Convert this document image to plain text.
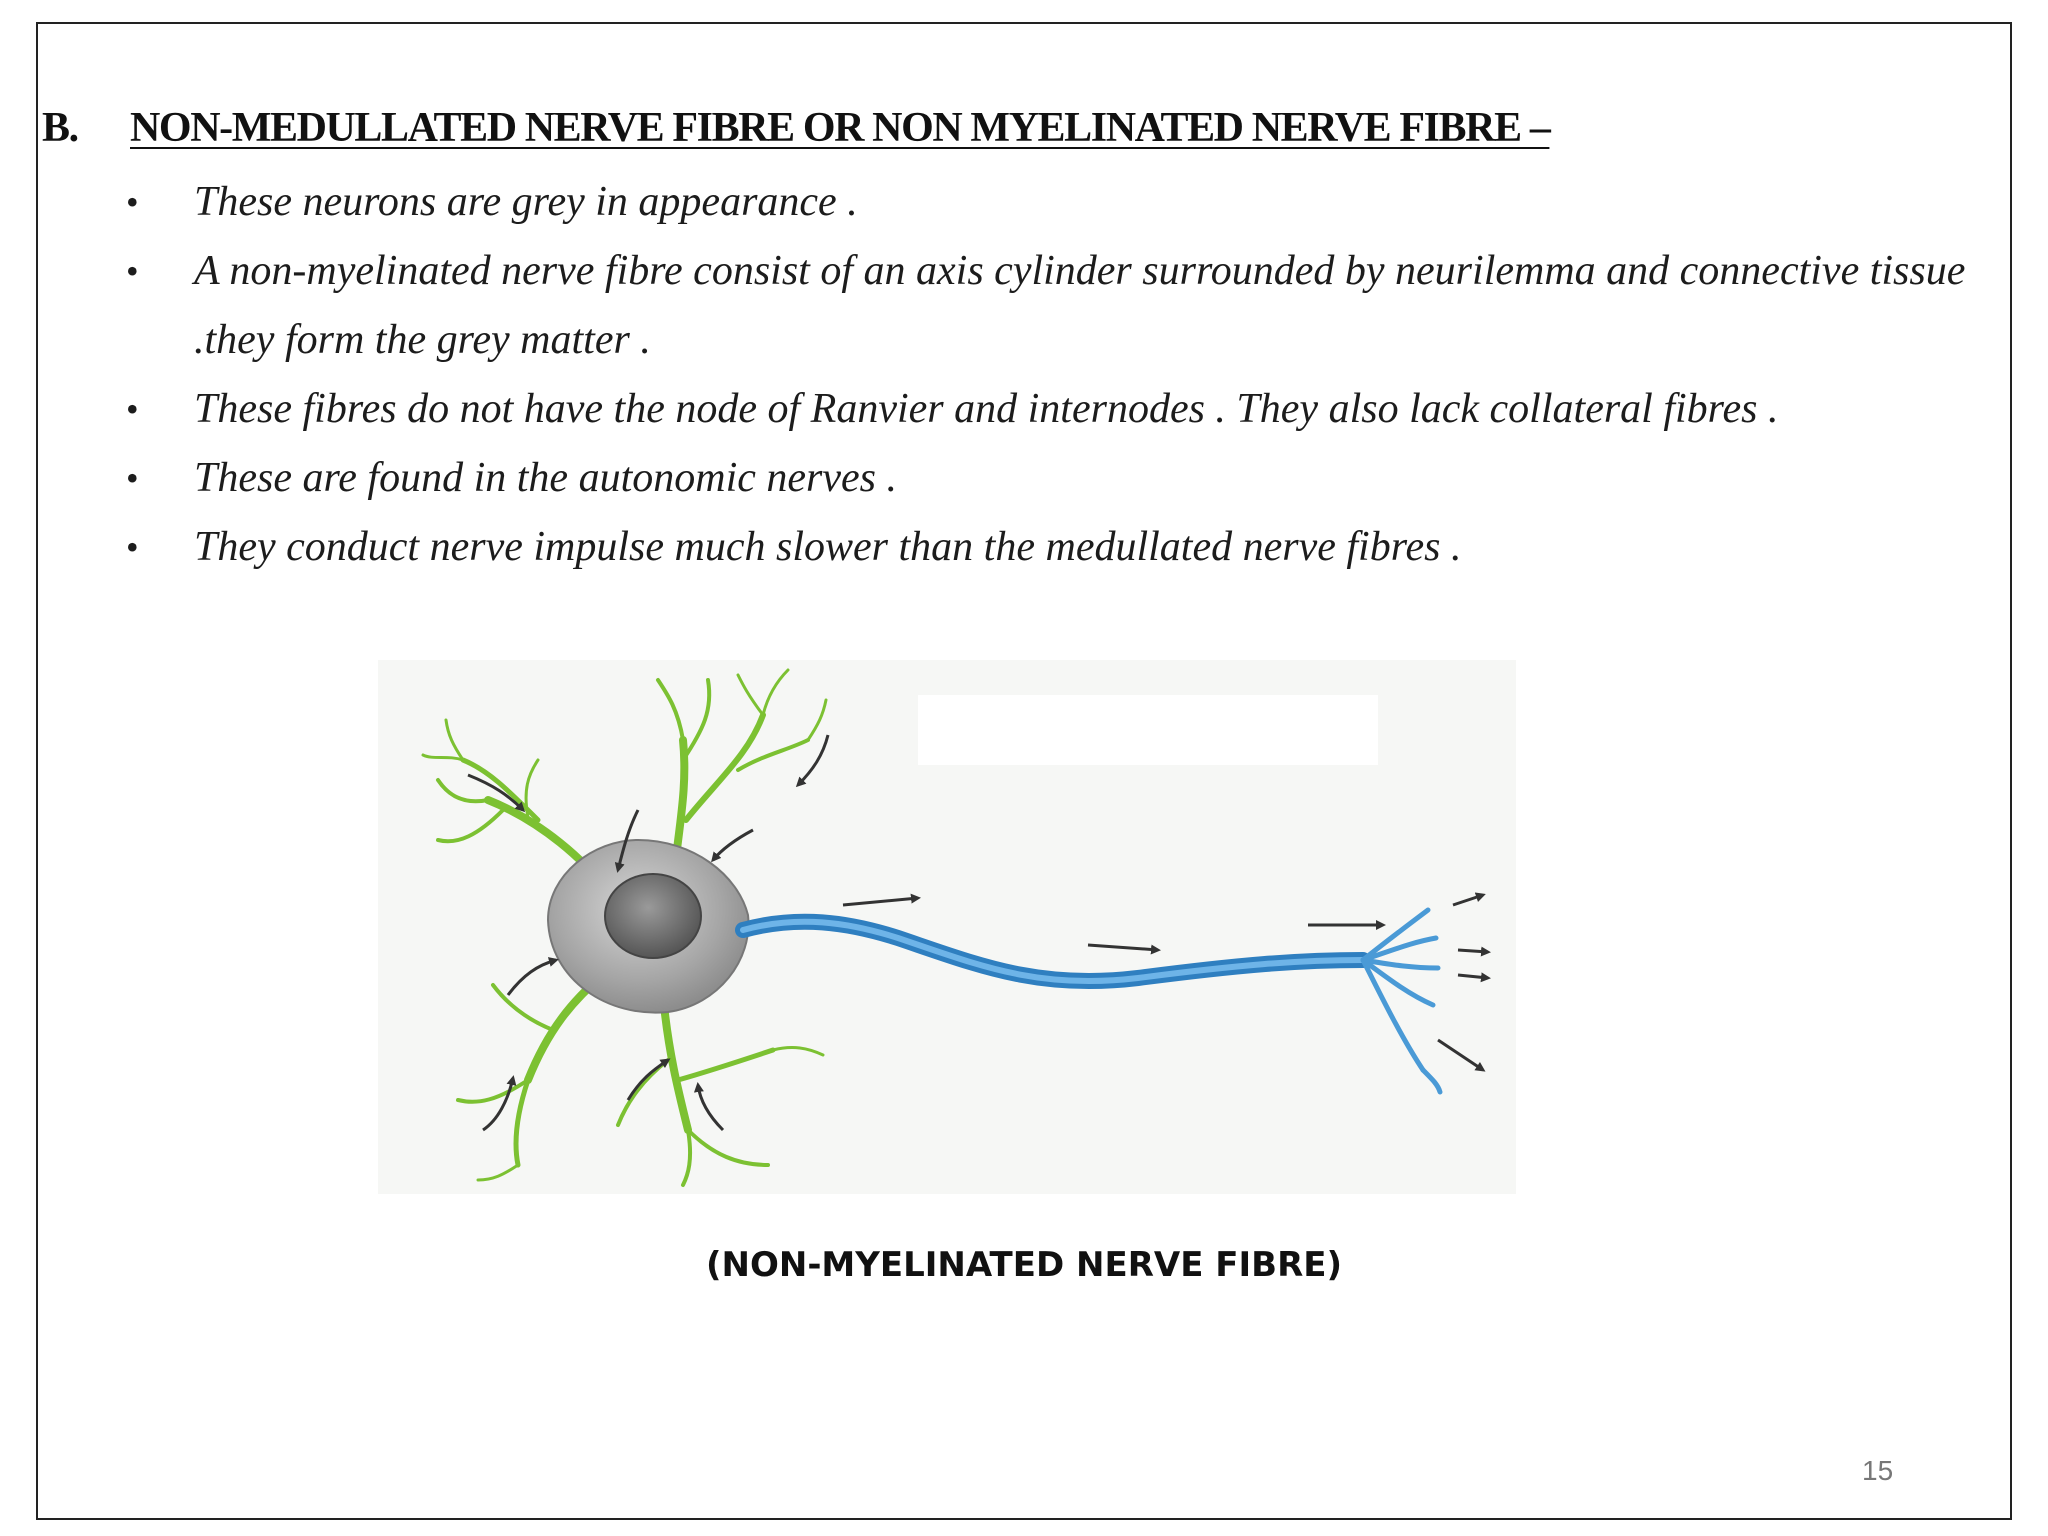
B. NON-MEDULLATED NERVE FIBRE OR NON MYELINATED NERVE FIBRE –
• These neurons are grey in appearance .
• A non-myelinated nerve fibre consist of an axis cylinder surrounded by neurilemma and connective tissue .they form the grey matter .
• These fibres do not have the node of Ranvier and internodes . They also lack collateral fibres .
• These are found in the autonomic nerves .
• They conduct nerve impulse much slower than the medullated nerve fibres .
(NON-MYELINATED NERVE FIBRE)
15
